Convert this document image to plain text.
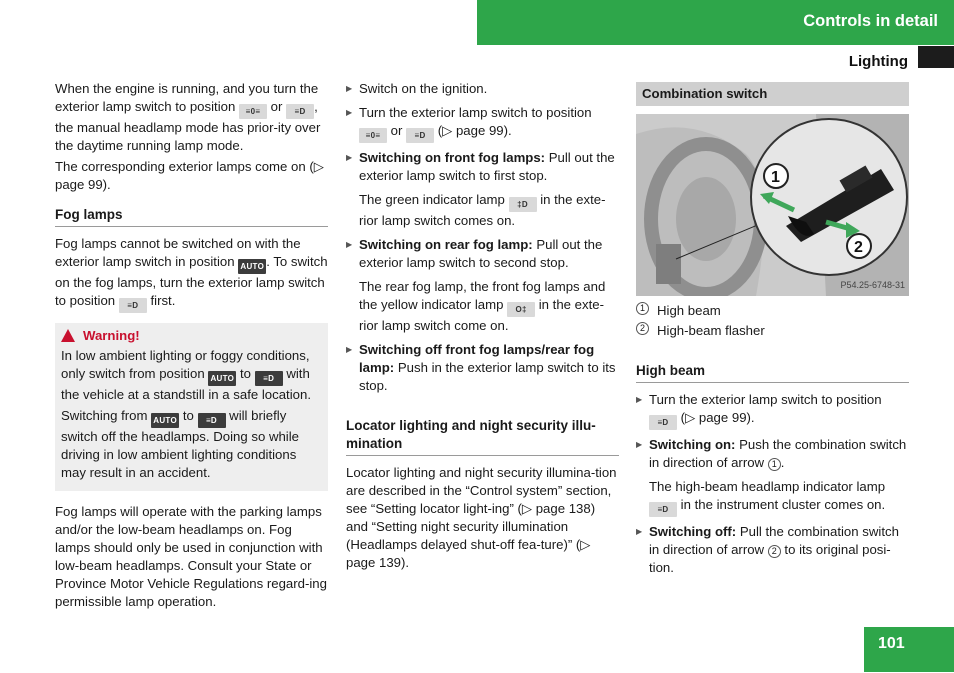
Controls in detail
Lighting

When the engine is running, and you turn the exterior lamp switch to position ≡0≡ or ≡D , the manual headlamp mode has prior-ity over the daytime running lamp mode.

The corresponding exterior lamps come on (▷ page 99).

Fog lamps

Fog lamps cannot be switched on with the exterior lamp switch in position AUTO . To switch on the fog lamps, turn the exterior lamp switch to position ≡D first.

Warning!

In low ambient lighting or foggy conditions, only switch from position AUTO to ≡D with the vehicle at a standstill in a safe location.

Switching from AUTO to ≡D will briefly switch off the headlamps. Doing so while driving in low ambient lighting conditions may result in an accident.

Fog lamps will operate with the parking lamps and/or the low-beam headlamps on. Fog lamps should only be used in conjunction with low-beam headlamps. Consult your State or Province Motor Vehicle Regulations regard-ing permissible lamp operation.

▶ Switch on the ignition.
▶ Turn the exterior lamp switch to position ≡0≡ or ≡D (▷ page 99).
▶ Switching on front fog lamps: Pull out the exterior lamp switch to first stop.
The green indicator lamp ‡D in the exte-rior lamp switch comes on.
▶ Switching on rear fog lamp: Pull out the exterior lamp switch to second stop.
The rear fog lamp, the front fog lamps and the yellow indicator lamp O‡ in the exte-rior lamp switch come on.
▶ Switching off front fog lamps/rear fog lamp: Push in the exterior lamp switch to its stop.
Locator lighting and night security illu-mination

Locator lighting and night security illumina-tion are described in the “Control system” section, see “Setting locator light-ing” (▷ page 138) and “Setting night security illumination (Headlamps delayed shut-off fea-ture)” (▷ page 139).

Combination switch
1
2
P54.25-6748-31
1 High beam
2 High-beam flasher
High beam
▶ Turn the exterior lamp switch to position ≡D (▷ page 99).
▶ Switching on: Push the combination switch in direction of arrow 1 .
The high-beam headlamp indicator lamp ≡D in the instrument cluster comes on.
▶ Switching off: Pull the combination switch in direction of arrow 2 to its original posi-tion.
101
